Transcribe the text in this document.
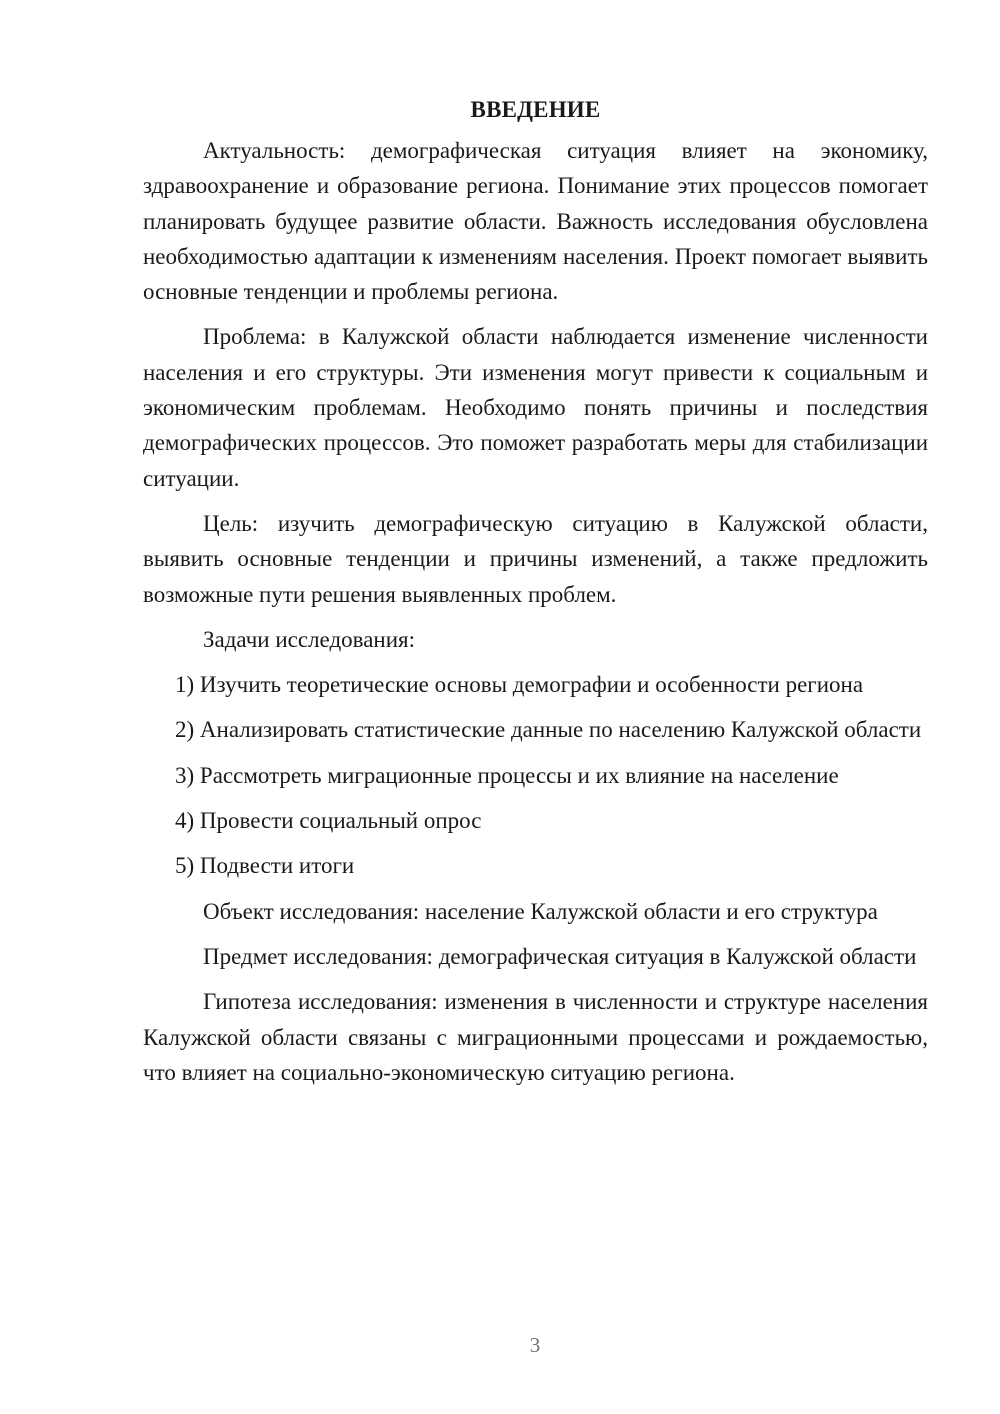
ВВЕДЕНИЕ

Актуальность: демографическая ситуация влияет на экономику, здравоохранение и образование региона. Понимание этих процессов помогает планировать будущее развитие области. Важность исследования обусловлена необходимостью адаптации к изменениям населения. Проект помогает выявить основные тенденции и проблемы региона.

Проблема: в Калужской области наблюдается изменение численности населения и его структуры. Эти изменения могут привести к социальным и экономическим проблемам. Необходимо понять причины и последствия демографических процессов. Это поможет разработать меры для стабилизации ситуации.

Цель: изучить демографическую ситуацию в Калужской области, выявить основные тенденции и причины изменений, а также предложить возможные пути решения выявленных проблем.

Задачи исследования:

1) Изучить теоретические основы демографии и особенности региона

2) Анализировать статистические данные по населению Калужской области

3) Рассмотреть миграционные процессы и их влияние на население

4) Провести социальный опрос

5) Подвести итоги

Объект исследования: население Калужской области и его структура

Предмет исследования: демографическая ситуация в Калужской области

Гипотеза исследования: изменения в численности и структуре населения Калужской области связаны с миграционными процессами и рождаемостью, что влияет на социально-экономическую ситуацию региона.

3
